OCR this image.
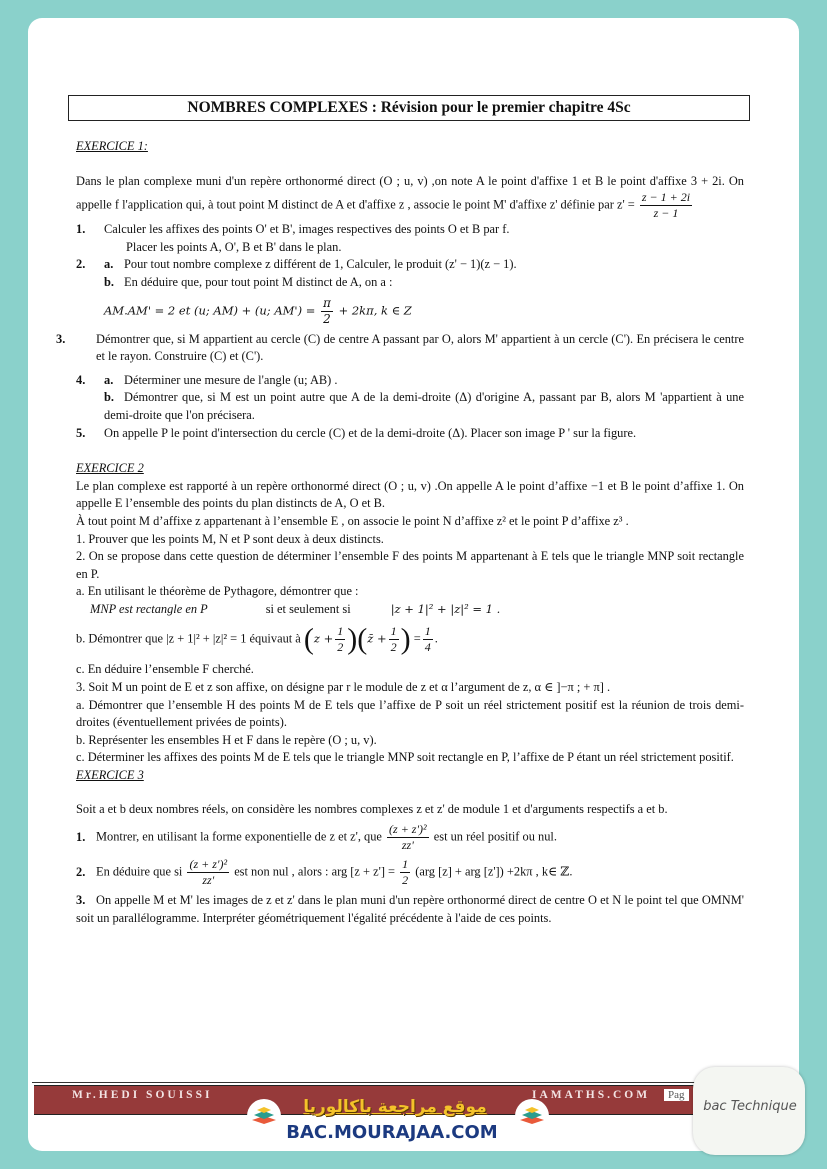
NOMBRES COMPLEXES : Révision pour le premier chapitre 4Sc

EXERCICE 1:

Dans le plan complexe muni d'un repère orthonormé direct (O ; u, v) ,on note A le point d'affixe 1 et B le point d'affixe 3 + 2i. On appelle f l'application qui, à tout point M distinct de A et d'affixe z , associe le point M' d'affixe z' définie par $z' = \frac{z - 1 + 2i}{z - 1}$

1. Calculer les affixes des points O' et B', images respectives des points O et B par f.

Placer les points A, O', B et B' dans le plan.

2. a. Pour tout nombre complexe z différent de 1, Calculer, le produit (z' − 1)(z − 1).

b. En déduire que, pour tout point M distinct de A, on a :

AM.AM' = 2 et (u; AM) + (u; $AM') = \frac{\pi}{2} + 2k\pi$, k ∈ Z

3. Démontrer que, si M appartient au cercle (C) de centre A passant par O, alors M' appartient à un cercle (C'). En précisera le centre et le rayon. Construire (C) et (C').

4. a. Déterminer une mesure de l'angle (u; AB) .

b. Démontrer que, si M est un point autre que A de la demi-droite (Δ) d'origine A, passant par B, alors M 'appartient à une demi-droite que l'on précisera.

5. On appelle P le point d'intersection du cercle (C) et de la demi-droite (Δ). Placer son image P ' sur la figure.

EXERCICE 2

Le plan complexe est rapporté à un repère orthonormé direct (O ; u, v) .On appelle A le point d’affixe −1 et B le point d’affixe 1. On appelle E l’ensemble des points du plan distincts de A, O et B.

À tout point M d’affixe z appartenant à l’ensemble E , on associe le point N d’affixe z² et le point P d’affixe z³ .

1. Prouver que les points M, N et P sont deux à deux distincts.

2. On se propose dans cette question de déterminer l’ensemble F des points M appartenant à E tels que le triangle MNP soit rectangle en P.

a. En utilisant le théorème de Pythagore, démontrer que :

MNP est rectangle en P	si et seulement si	|z + 1|² + |z|² = 1 .

b. Démontrer que |z + 1|² + |z|² = 1 équivaut à ($z + \frac{1}{2}$ )(z̄ + $\frac{1}{2}$ ) = $\frac{1}{4}$ .

c. En déduire l’ensemble F cherché.

3. Soit M un point de E et z son affixe, on désigne par r le module de z et α l’argument de z, α ∈ ]−π ; + π] .

a. Démontrer que l’ensemble H des points M de E tels que l’affixe de P soit un réel strictement positif est la réunion de trois demi-droites (éventuellement privées de points).

b. Représenter les ensembles H et F dans le repère (O ; u, v).

c. Déterminer les affixes des points M de E tels que le triangle MNP soit rectangle en P, l’affixe de P étant un réel strictement positif.

EXERCICE 3

Soit a et b deux nombres réels, on considère les nombres complexes z et z' de module 1 et d'arguments respectifs a et b.

1. Montrer, en utilisant la forme exponentielle de z et z', que $\frac{\text{(z + z')²}}{zz'}$ est un réel positif ou nul.

2. En déduire que si $\frac{\text{(z + z')²}}{zz'}$ est non nul , alors : arg $[z + z'] = \frac{1}{2} (arg$ [z] + arg [z']) +2kπ , k∈ ℤ.

3. On appelle M et M' les images de z et z' dans le plan muni d'un repère orthonormé direct de centre O et N le point tel que OMNM' soit un parallélogramme. Interpréter géométriquement l'égalité précédente à l'aide de ces points.

Mr.HEDI SOUISSI	IAMATHS.COM	Pag
موقع مراجعة باكالوريا
BAC.MOURAJAA.COM
bac Technique
